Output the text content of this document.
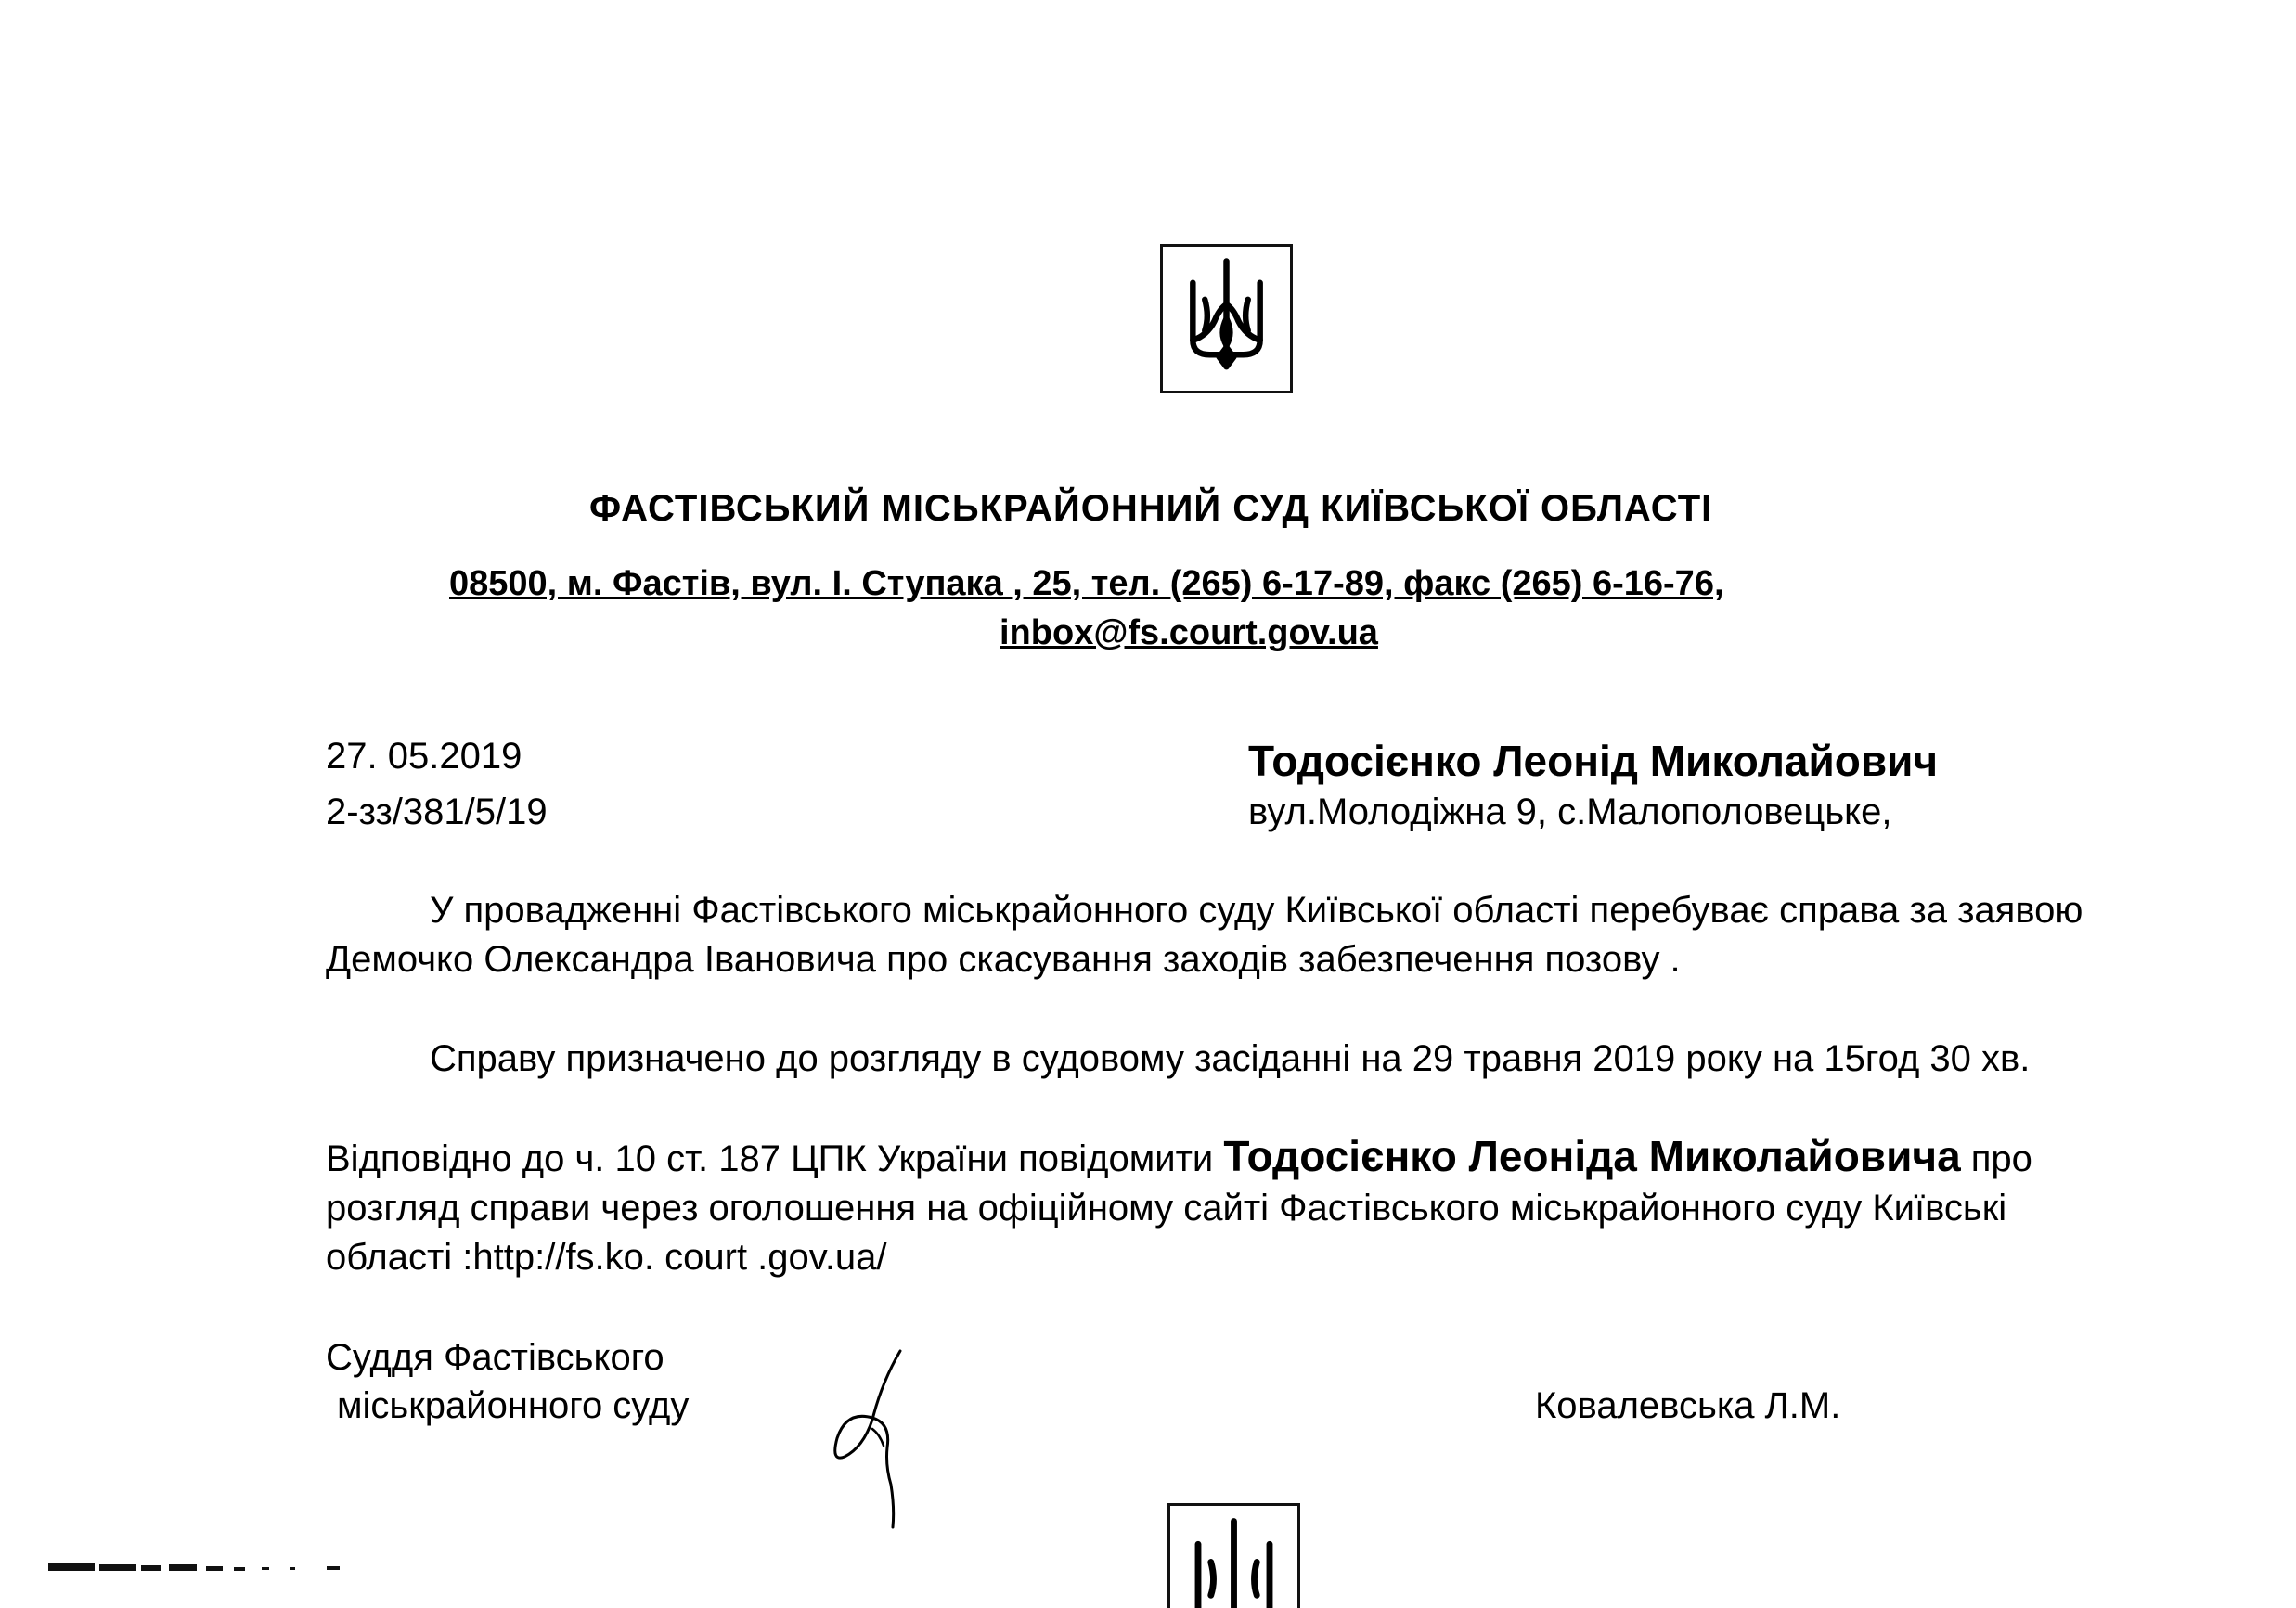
ФАСТІВСЬКИЙ МІСЬКРАЙОННИЙ СУД КИЇВСЬКОЇ ОБЛАСТІ
08500, м. Фастів, вул. І. Ступака , 25, тел. (265) 6-17-89, факс (265) 6-16-76,
inbox@fs.court.gov.ua
27. 05.2019
2-зз/381/5/19
Тодосієнко Леонід Миколайович
вул.Молодіжна 9, с.Малополовецьке,
У провадженні Фастівського міськрайонного суду Київської області перебуває справа за заявою Демочко Олександра Івановича про скасування заходів забезпечення позову .
Справу призначено до розгляду в судовому засіданні на 29 травня 2019 року на 15год 30 хв.
Відповідно до ч. 10 ст. 187 ЦПК України повідомити Тодосієнко Леоніда Миколайовича про розгляд справи через оголошення на офіційному сайті Фастівського міськрайонного суду Київські області :http://fs.ko. court .gov.ua/
Суддя Фастівського
міськрайонного суду	Ковалевська Л.М.
